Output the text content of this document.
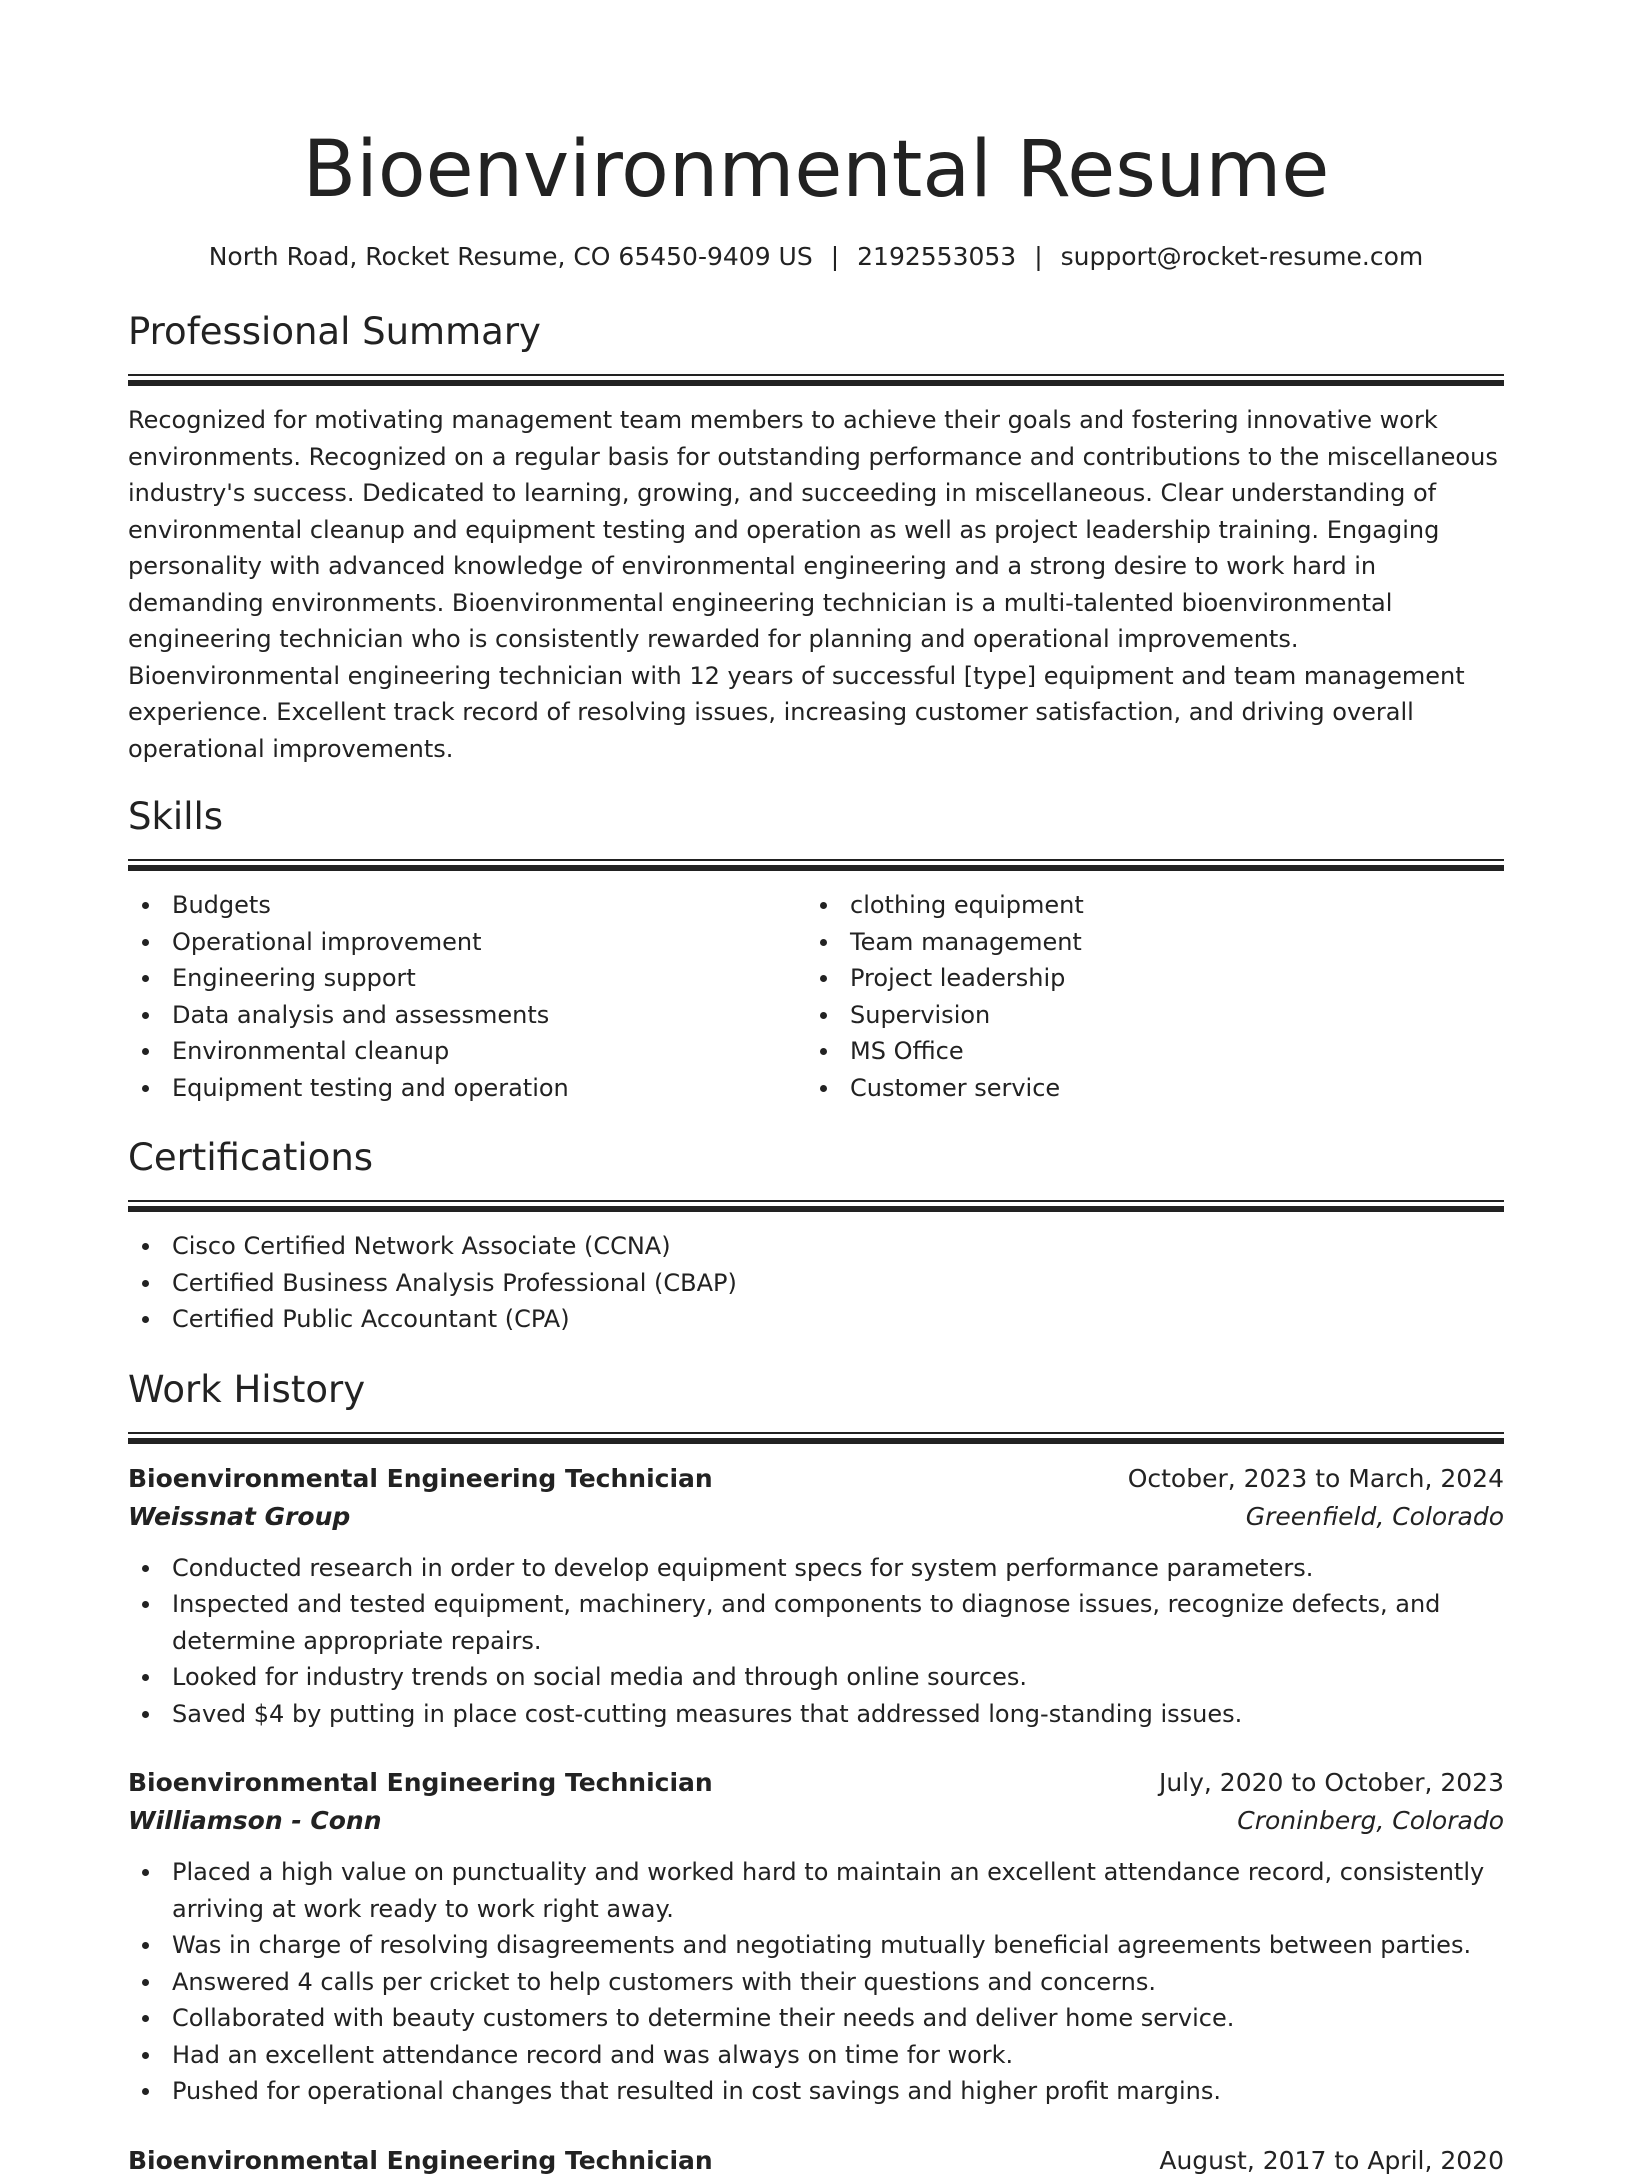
Bioenvironmental Resume
North Road, Rocket Resume, CO 65450-9409 US | 2192553053 | support@rocket-resume.com
Professional Summary

Recognized for motivating management team members to achieve their goals and fostering innovative work environments. Recognized on a regular basis for outstanding performance and contributions to the miscellaneous industry's success. Dedicated to learning, growing, and succeeding in miscellaneous. Clear understanding of environmental cleanup and equipment testing and operation as well as project leadership training. Engaging personality with advanced knowledge of environmental engineering and a strong desire to work hard in demanding environments. Bioenvironmental engineering technician is a multi-talented bioenvironmental engineering technician who is consistently rewarded for planning and operational improvements. Bioenvironmental engineering technician with 12 years of successful [type] equipment and team management experience. Excellent track record of resolving issues, increasing customer satisfaction, and driving overall operational improvements.

Skills
Budgets
Operational improvement
Engineering support
Data analysis and assessments
Environmental cleanup
Equipment testing and operation
clothing equipment
Team management
Project leadership
Supervision
MS Office
Customer service
Certifications
Cisco Certified Network Associate (CCNA)
Certified Business Analysis Professional (CBAP)
Certified Public Accountant (CPA)
Work History
Bioenvironmental Engineering Technician	October, 2023 to March, 2024
Weissnat Group	Greenfield, Colorado
Conducted research in order to develop equipment specs for system performance parameters.
Inspected and tested equipment, machinery, and components to diagnose issues, recognize defects, and determine appropriate repairs.
Looked for industry trends on social media and through online sources.
Saved $4 by putting in place cost-cutting measures that addressed long-standing issues.
Bioenvironmental Engineering Technician	July, 2020 to October, 2023
Williamson - Conn	Croninberg, Colorado
Placed a high value on punctuality and worked hard to maintain an excellent attendance record, consistently arriving at work ready to work right away.
Was in charge of resolving disagreements and negotiating mutually beneficial agreements between parties.
Answered 4 calls per cricket to help customers with their questions and concerns.
Collaborated with beauty customers to determine their needs and deliver home service.
Had an excellent attendance record and was always on time for work.
Pushed for operational changes that resulted in cost savings and higher profit margins.
Bioenvironmental Engineering Technician	August, 2017 to April, 2020
